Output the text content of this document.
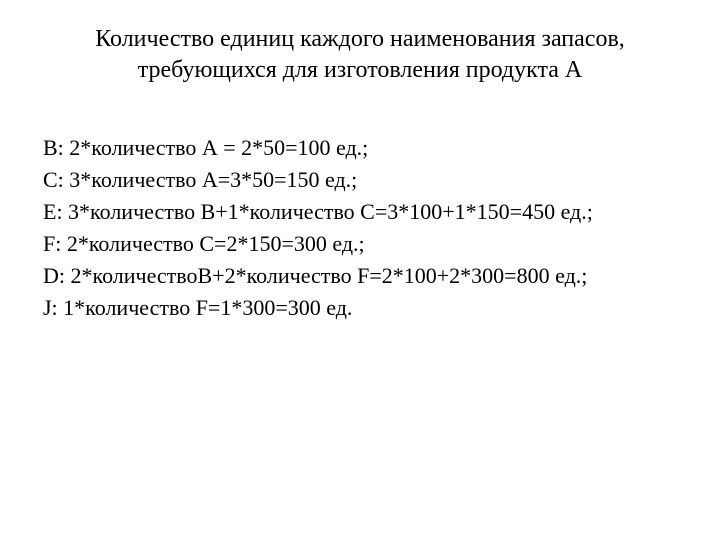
Количество единиц каждого наименования запасов,
требующихся для изготовления продукта А
B: 2*количество А = 2*50=100 ед.;
C: 3*количество А=3*50=150 ед.;
E: 3*количество B+1*количество C=3*100+1*150=450 ед.;
F: 2*количество С=2*150=300 ед.;
D: 2*количествоB+2*количество F=2*100+2*300=800 ед.;
J: 1*количество F=1*300=300 ед.
